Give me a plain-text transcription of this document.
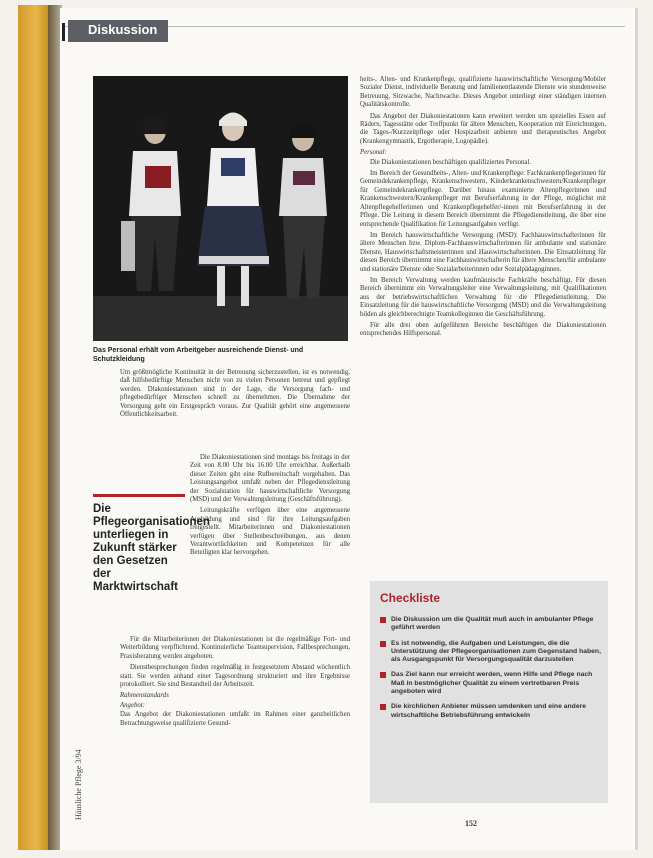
Diskussion
Das Personal erhält vom Arbeitgeber ausreichende Dienst- und Schutzkleidung

Um größtmögliche Kontinuität in der Betreuung sicherzustellen, ist es notwendig, daß hilfsbedürftige Menschen nicht von zu vielen Personen betreut und gepflegt werden. Diakoniestationen sind in der Lage, die Versorgung fach- und pflegebedürftiger Menschen schnell zu übernehmen. Die Übernahme der Versorgung geht ein Erstgespräch voraus. Zur Qualität gehört eine angemessene Öffentlichkeitsarbeit.

Die Pflegeorganisationen unterliegen in Zukunft stärker den Gesetzen der Marktwirtschaft

Die Diakoniestationen sind montags bis freitags in der Zeit von 8.00 Uhr bis 16.00 Uhr erreichbar. Außerhalb dieser Zeiten gibt eine Rufbereitschaft vorgehalten. Das Leistungsangebot umfaßt neben der Pflegedienstleitung der Sozialstation für hauswirtschaftliche Versorgung (MSD) und der Verwaltungsleitung (Geschäftsführung).

Leitungskräfte verfügen über eine angemessene Ausbildung und sind für ihre Leitungsaufgaben freigestellt. Mitarbeiterinnen und Diakoniestationen verfügen über Stellenbeschreibungen, aus denen Verantwortlichkeiten und Kompetenzen für alle Beteiligten klar hervorgehen.

Für die Mitarbeiterinnen der Diakoniestationen ist die regelmäßige Fort- und Weiterbildung verpflichtend. Kontinuierliche Teamsupervision, Fallbesprechungen, Praxisberatung werden angeboten.

Dienstbesprechungen finden regelmäßig in festgesetztem Abstand wöchentlich statt. Sie werden anhand einer Tagesordnung strukturiert und ihre Ergebnisse protokolliert. Sie sind Bestandteil der Arbeitszeit.

Rahmenstandards

Angebot:

Das Angebot der Diakoniestationen umfaßt im Rahmen einer ganzheitlichen Betrachtungsweise qualifizierte Gesund-

Häusliche Pflege 3/94

heits-, Alten- und Krankenpflege, qualifizierte hauswirtschaftliche Versorgung/Mobiler Sozialer Dienst, individuelle Beratung und familienentlastende Dienste wie stundenweise Betreuung, Sitzwache, Nachtwache. Dieses Angebot unterliegt einer ständigen internen Qualitätskontrolle.

Das Angebot der Diakoniestationen kann erweitert werden um spezielles Essen auf Rädern, Tagesstätte oder Treffpunkt für ältere Menschen, Kooperation mit Einrichtungen, die Tages-/Kurzzeitpflege oder Hospizarbeit anbieten und therapeutisches Angebot (Krankengymnastik, Ergotherapie, Logopädie).

Personal:

Die Diakoniestationen beschäftigen qualifiziertes Personal.

Im Bereich der Gesundheits-, Alten- und Krankenpflege: Fachkrankenpflegerinnen für Gemeindekrankenpflege, Krankenschwestern, Kinderkrankenschwestern/Krankenpfleger für Gemeindekrankenpflege. Darüber hinaus examinierte Altenpflegerinnen und Krankenschwestern/Krankenpfleger mit Berufserfahrung in der Pflege, möglichst mit Altenpflegehelferinnen und Krankenpflegehelfer/-innen mit Berufserfahrung in der Pflege. Die Leitung in diesem Bereich übernimmt die Pflegedienstleitung, die über eine entsprechende Qualifikation für Leitungsaufgaben verfügt.

Im Bereich hauswirtschaftliche Versorgung (MSD): Fachhauswirtschafterinnen für ältere Menschen bzw. Diplom-Fachhauswirtschafterinnen für ambulante und stationäre Dienste, Hauswirtschaftsmeisterinnen und Hauswirtschafterinnen. Die Einsatzleitung für diesen Bereich übernimmt eine Fachhauswirtschafterin für ältere Menschen/für ambulante und stationäre Dienste oder Sozialarbeiterinnen oder Sozialpädagoginnen.

Im Bereich Verwaltung werden kaufmännische Fachkräfte beschäftigt. Für diesen Bereich übernimmt ein Verwaltungsleiter eine Verwaltungsleitung, mit Qualifikationen aus der betriebswirtschaftlichen Verwaltung für die Pflegedienstleitung. Die Einsatzleitung für die hauswirtschaftliche Versorgung (MSD) und die Verwaltungsleitung bilden als gleichberechtigte Teamkolleginnen die Geschäftsführung.

Für alle drei oben aufgeführten Bereiche beschäftigen die Diakoniestationen entsprechendes Hilfspersonal.

Checkliste
Die Diskussion um die Qualität muß auch in ambulanter Pflege geführt werden
Es ist notwendig, die Aufgaben und Leistungen, die die Unterstützung der Pflegeorganisationen zum Gegenstand haben, als Ausgangspunkt für Versorgungsqualität darzustellen
Das Ziel kann nur erreicht werden, wenn Hilfe und Pflege nach Maß in bestmöglicher Qualität zu einem vertretbaren Preis angeboten wird
Die kirchlichen Anbieter müssen umdenken und eine andere wirtschaftliche Betriebsführung entwickeln
152
